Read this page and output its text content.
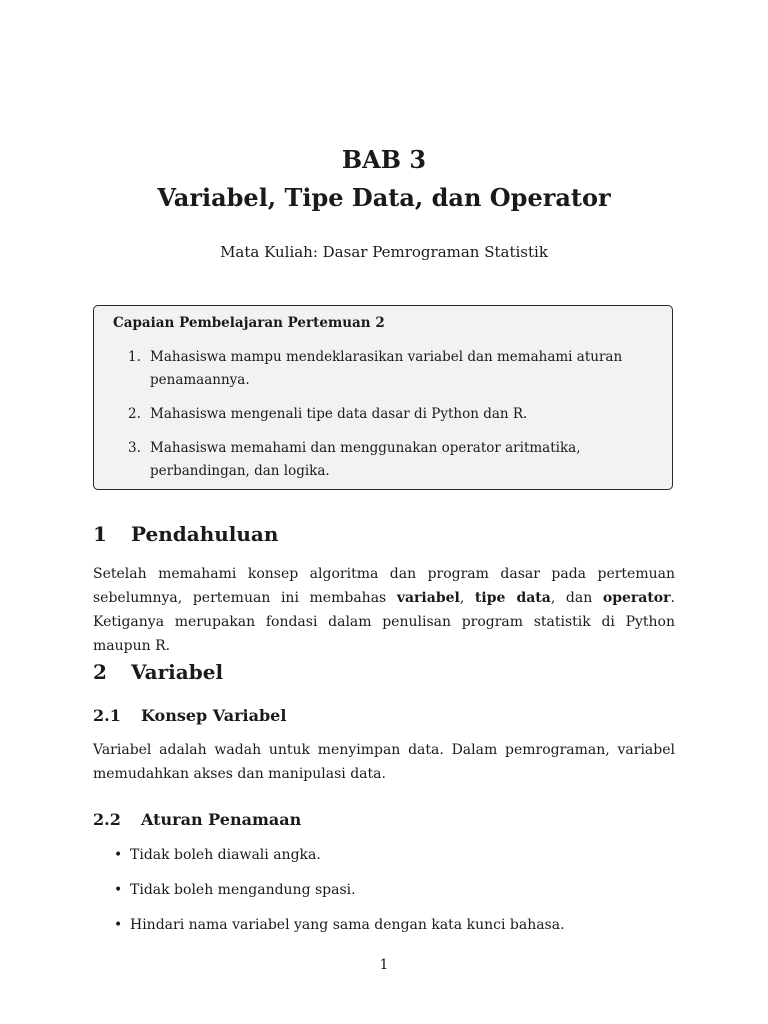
BAB 3
Variabel, Tipe Data, dan Operator
Mata Kuliah: Dasar Pemrograman Statistik
Capaian Pembelajaran Pertemuan 2
1. Mahasiswa mampu mendeklarasikan variabel dan memahami aturan penamaannya.
2. Mahasiswa mengenali tipe data dasar di Python dan R.
3. Mahasiswa memahami dan menggunakan operator aritmatika, perbandingan, dan logika.
1 Pendahuluan
Setelah memahami konsep algoritma dan program dasar pada pertemuan sebelumnya, pertemuan ini membahas variabel, tipe data, dan operator. Ketiganya merupakan fondasi dalam penulisan program statistik di Python maupun R.
2 Variabel
2.1 Konsep Variabel
Variabel adalah wadah untuk menyimpan data. Dalam pemrograman, variabel memudahkan akses dan manipulasi data.
2.2 Aturan Penamaan
• Tidak boleh diawali angka.
• Tidak boleh mengandung spasi.
• Hindari nama variabel yang sama dengan kata kunci bahasa.
1
